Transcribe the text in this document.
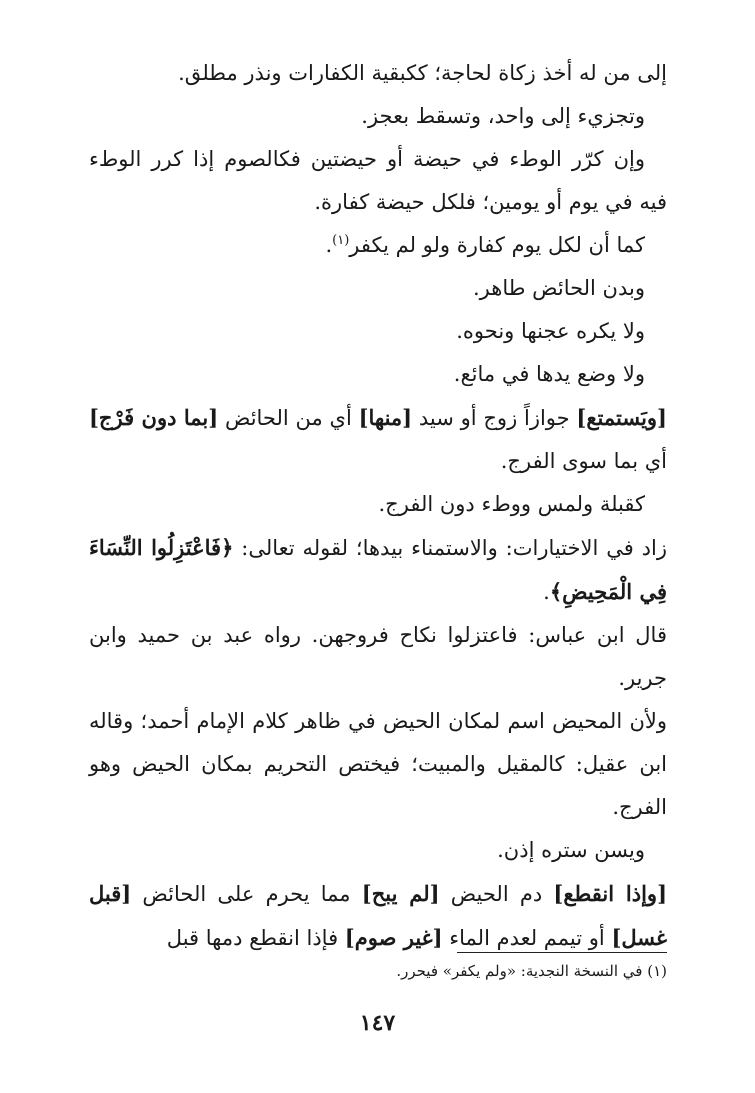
إلى من له أخذ زكاة لحاجة؛ ككبقية الكفارات ونذر مطلق.

وتجزيء إلى واحد، وتسقط بعجز.

وإن كرّر الوطء في حيضة أو حيضتين فكالصوم إذا كرر الوطء فيه في يوم أو يومين؛ فلكل حيضة كفارة.

كما أن لكل يوم كفارة ولو لم يكفر$^{(١)}$.

وبدن الحائض طاهر.

ولا يكره عجنها ونحوه.

ولا وضع يدها في مائع.

[ويَستمتع] جوازاً زوج أو سيد [منها] أي من الحائض [بما دون فَرْج] أي بما سوى الفرج.

كقبلة ولمس ووطء دون الفرج.

زاد في الاختيارات: والاستمناء بيدها؛ لقوله تعالى: ﴿فَاعْتَزِلُوا النِّسَاءَ فِي الْمَحِيضِ﴾.

قال ابن عباس: فاعتزلوا نكاح فروجهن. رواه عبد بن حميد وابن جرير.

ولأن المحيض اسم لمكان الحيض في ظاهر كلام الإمام أحمد؛ وقاله ابن عقيل: كالمقيل والمبيت؛ فيختص التحريم بمكان الحيض وهو الفرج.

ويسن ستره إذن.

[وإذا انقطع] دم الحيض [لم يبح] مما يحرم على الحائض [قبل غسل] أو تيمم لعدم الماء [غير صوم] فإذا انقطع دمها قبل

(١) في النسخة النجدية: «ولم يكفر» فيحرر.
١٤٧
